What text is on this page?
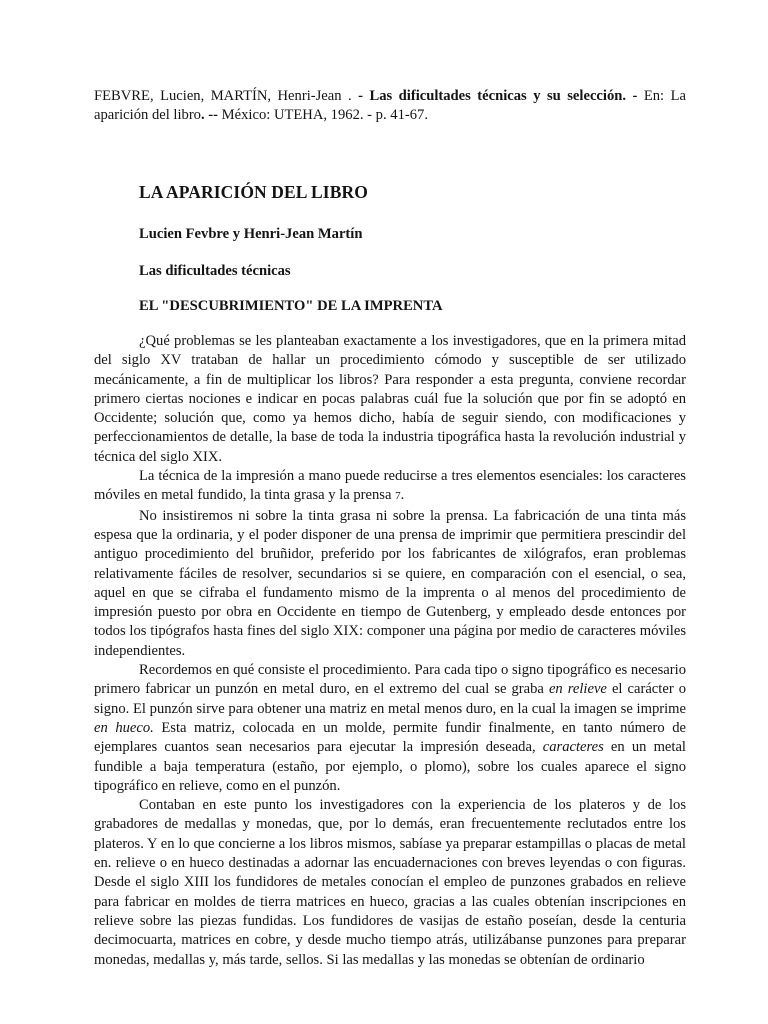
FEBVRE, Lucien, MARTÍN, Henri-Jean . - Las dificultades técnicas y su selección. - En: La aparición del libro. -- México: UTEHA, 1962. - p. 41-67.
LA APARICIÓN DEL LIBRO
Lucien Fevbre y Henri-Jean Martín
Las dificultades técnicas
EL "DESCUBRIMIENTO" DE LA IMPRENTA

¿Qué problemas se les planteaban exactamente a los investigadores, que en la primera mitad del siglo XV trataban de hallar un procedimiento cómodo y susceptible de ser utilizado mecánicamente, a fin de multiplicar los libros? Para responder a esta pregunta, conviene recordar primero ciertas nociones e indicar en pocas palabras cuál fue la solución que por fin se adoptó en Occidente; solución que, como ya hemos dicho, había de seguir siendo, con modificaciones y perfeccionamientos de detalle, la base de toda la industria tipográfica hasta la revolución industrial y técnica del siglo XIX.

La técnica de la impresión a mano puede reducirse a tres elementos esenciales: los caracteres móviles en metal fundido, la tinta grasa y la prensa 7.

No insistiremos ni sobre la tinta grasa ni sobre la prensa. La fabricación de una tinta más espesa que la ordinaria, y el poder disponer de una prensa de imprimir que permitiera prescindir del antiguo procedimiento del bruñidor, preferido por los fabricantes de xilógrafos, eran problemas relativamente fáciles de resolver, secundarios si se quiere, en comparación con el esencial, o sea, aquel en que se cifraba el fundamento mismo de la imprenta o al menos del procedimiento de impresión puesto por obra en Occidente en tiempo de Gutenberg, y empleado desde entonces por todos los tipógrafos hasta fines del siglo XIX: componer una página por medio de caracteres móviles independientes.

Recordemos en qué consiste el procedimiento. Para cada tipo o signo tipográfico es necesario primero fabricar un punzón en metal duro, en el extremo del cual se graba en relieve el carácter o signo. El punzón sirve para obtener una matriz en metal menos duro, en la cual la imagen se imprime en hueco. Esta matriz, colocada en un molde, permite fundir finalmente, en tanto número de ejemplares cuantos sean necesarios para ejecutar la impresión deseada, caracteres en un metal fundible a baja temperatura (estaño, por ejemplo, o plomo), sobre los cuales aparece el signo tipográfico en relieve, como en el punzón.

Contaban en este punto los investigadores con la experiencia de los plateros y de los grabadores de medallas y monedas, que, por lo demás, eran frecuentemente reclutados entre los plateros. Y en lo que concierne a los libros mismos, sabíase ya preparar estampillas o placas de metal en. relieve o en hueco destinadas a adornar las encuadernaciones con breves leyendas o con figuras. Desde el siglo XIII los fundidores de metales conocían el empleo de punzones grabados en relieve para fabricar en moldes de tierra matrices en hueco, gracias a las cuales obtenían inscripciones en relieve sobre las piezas fundidas. Los fundidores de vasijas de estaño poseían, desde la centuria decimocuarta, matrices en cobre, y desde mucho tiempo atrás, utilizábanse punzones para preparar monedas, medallas y, más tarde, sellos. Si las medallas y las monedas se obtenían de ordinario
